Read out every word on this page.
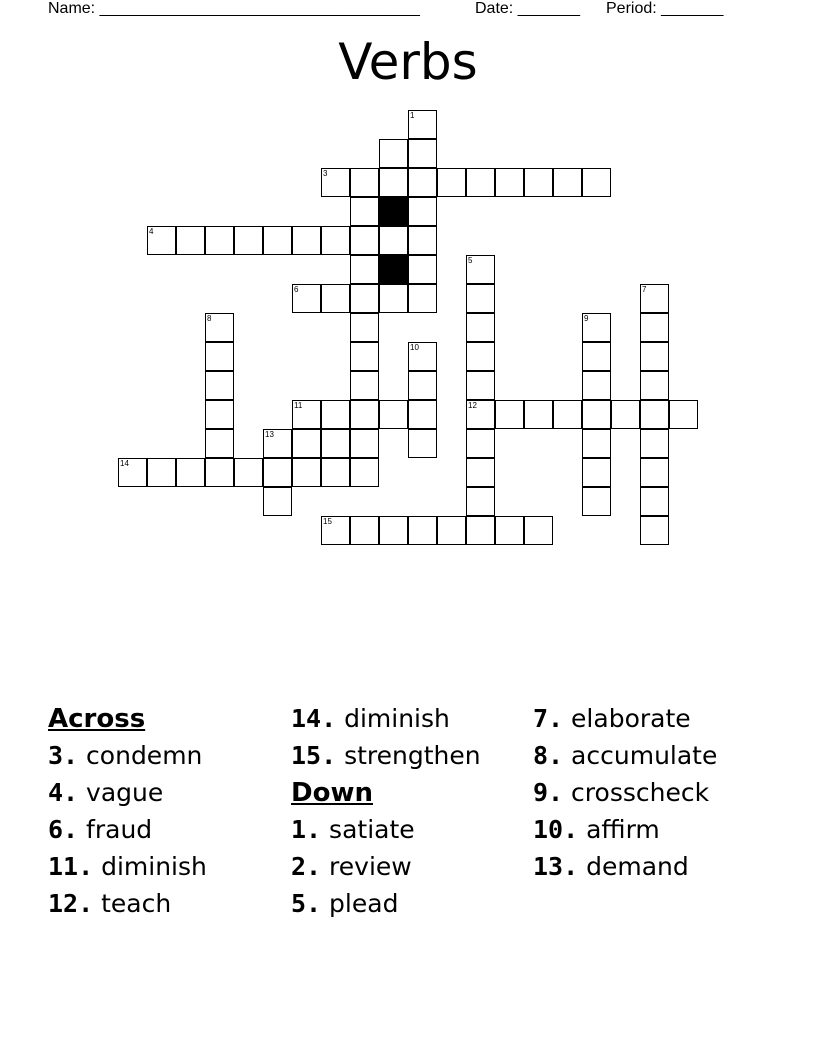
Name: ____________________________________	Date: _______ Period: _______
Verbs
1
3
4
5
6	7
8	9
10
11	12
13
14
15
Across
3. condemn
4. vague
6. fraud
11. diminish
12. teach
14. diminish
15. strengthen
Down
1. satiate
2. review
5. plead
7. elaborate
8. accumulate
9. crosscheck
10. affirm
13. demand
